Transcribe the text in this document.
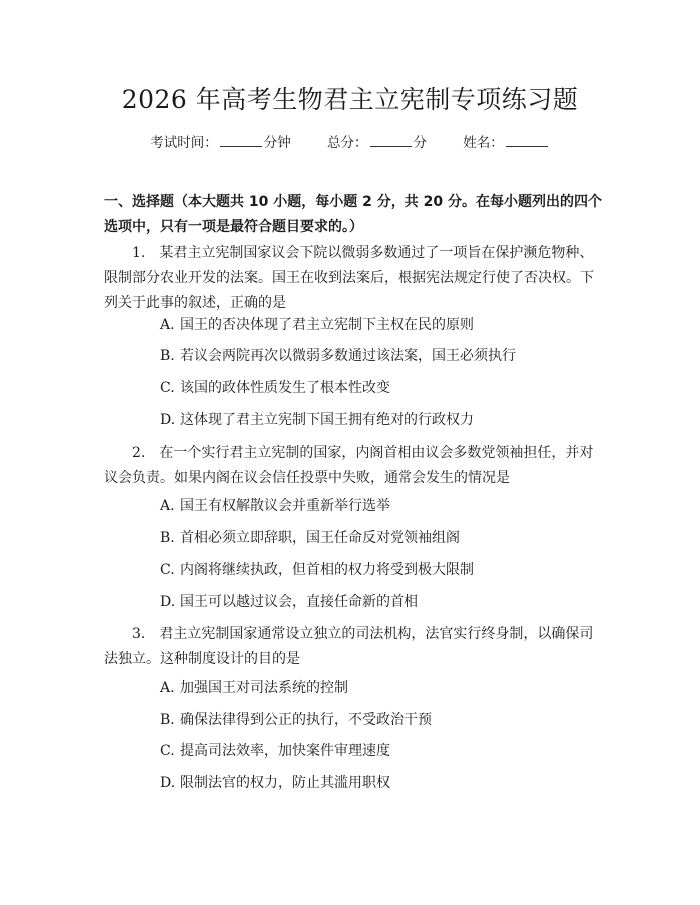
2026 年高考生物君主立宪制专项练习题
考试时间：	分钟	总分：	分	姓名：
一、选择题（本大题共 10 小题，每小题 2 分，共 20 分。在每小题列出的四个选项中，只有一项是最符合题目要求的。）
1.　某君主立宪制国家议会下院以微弱多数通过了一项旨在保护濒危物种、限制部分农业开发的法案。国王在收到法案后，根据宪法规定行使了否决权。下列关于此事的叙述，正确的是
A. 国王的否决体现了君主立宪制下主权在民的原则
B. 若议会两院再次以微弱多数通过该法案，国王必须执行
C. 该国的政体性质发生了根本性改变
D. 这体现了君主立宪制下国王拥有绝对的行政权力
2.　在一个实行君主立宪制的国家，内阁首相由议会多数党领袖担任，并对议会负责。如果内阁在议会信任投票中失败，通常会发生的情况是
A. 国王有权解散议会并重新举行选举
B. 首相必须立即辞职，国王任命反对党领袖组阁
C. 内阁将继续执政，但首相的权力将受到极大限制
D. 国王可以越过议会，直接任命新的首相
3.　君主立宪制国家通常设立独立的司法机构，法官实行终身制，以确保司法独立。这种制度设计的目的是
A. 加强国王对司法系统的控制
B. 确保法律得到公正的执行，不受政治干预
C. 提高司法效率，加快案件审理速度
D. 限制法官的权力，防止其滥用职权
